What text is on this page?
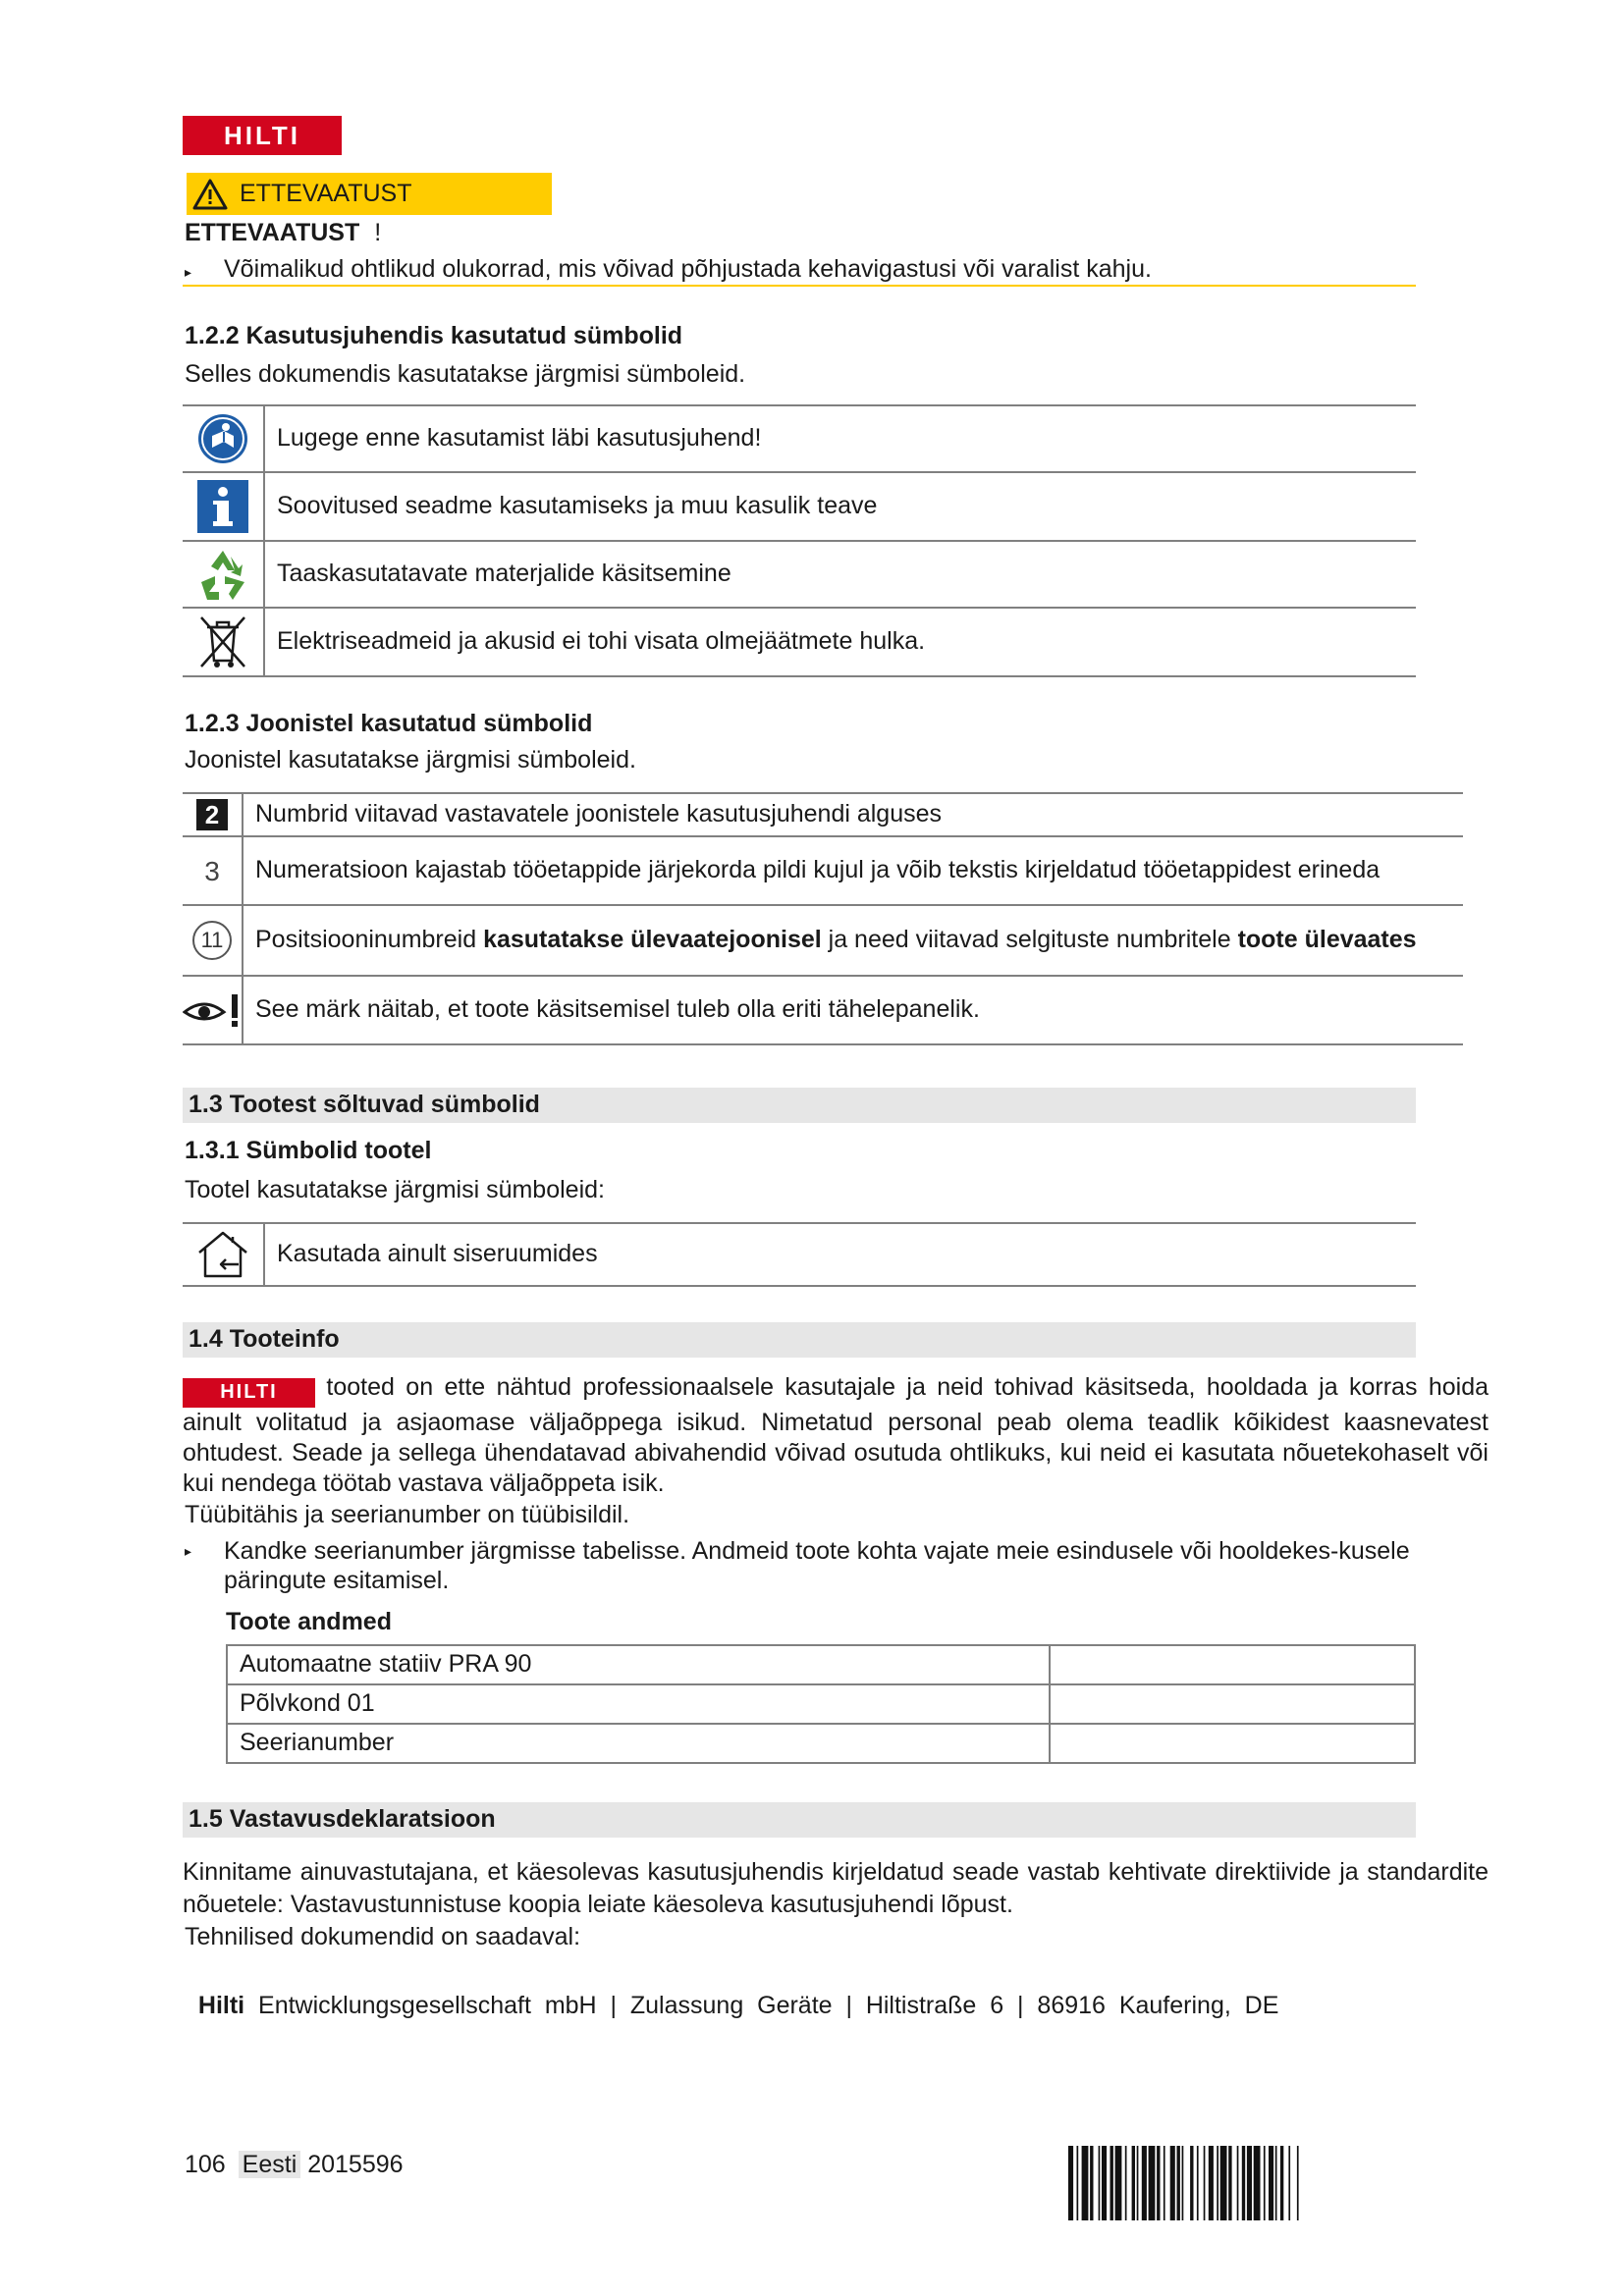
HILTI
ETTEVAATUST
ETTEVAATUST !
▸ Võimalikud ohtlikud olukorrad, mis võivad põhjustada kehavigastusi või varalist kahju.
1.2.2 Kasutusjuhendis kasutatud sümbolid
Selles dokumendis kasutatakse järgmisi sümboleid.
	Lugege enne kasutamist läbi kasutusjuhend!

	Soovitused seadme kasutamiseks ja muu kasulik teave

	Taaskasutatavate materjalide käsitsemine

	Elektriseadmeid ja akusid ei tohi visata olmejäätmete hulka.
1.2.3 Joonistel kasutatud sümbolid
Joonistel kasutatakse järgmisi sümboleid.
2	Numbrid viitavad vastavatele joonistele kasutusjuhendi alguses

3	Numeratsioon kajastab tööetappide järjekorda pildi kujul ja võib tekstis kirjeldatud tööetappidest erineda

11	Positsiooninumbreid kasutatakse ülevaatejoonisel ja need viitavad selgituste numbritele toote ülevaates

	See märk näitab, et toote käsitsemisel tuleb olla eriti tähelepanelik.
1.3 Tootest sõltuvad sümbolid
1.3.1 Sümbolid tootel
Tootel kasutatakse järgmisi sümboleid:
	Kasutada ainult siseruumides
1.4 Tooteinfo
HILTI tooted on ette nähtud professionaalsele kasutajale ja neid tohivad käsitseda, hooldada ja korras hoida ainult volitatud ja asjaomase väljaõppega isikud. Nimetatud personal peab olema teadlik kõikidest kaasnevatest ohtudest. Seade ja sellega ühendatavad abivahendid võivad osutuda ohtlikuks, kui neid ei kasutata nõuetekohaselt või kui nendega töötab vastava väljaõppeta isik.
Tüübitähis ja seerianumber on tüübisildil.
▸	Kandke seerianumber järgmisse tabelisse. Andmeid toote kohta vajate meie esindusele või hooldekes-kusele päringute esitamisel.
Toote andmed
Automaatne statiiv PRA 90	
Põlvkond 01	
Seerianumber	
1.5 Vastavusdeklaratsioon
Kinnitame ainuvastutajana, et käesolevas kasutusjuhendis kirjeldatud seade vastab kehtivate direktiivide ja standardite nõuetele: Vastavustunnistuse koopia leiate käesoleva kasutusjuhendi lõpust.
Tehnilised dokumendid on saadaval:

Hilti  Entwicklungsgesellschaft  mbH  |  Zulassung  Geräte  |  Hiltistraße  6  |  86916  Kaufering,  DE

106 Eesti 2015596
